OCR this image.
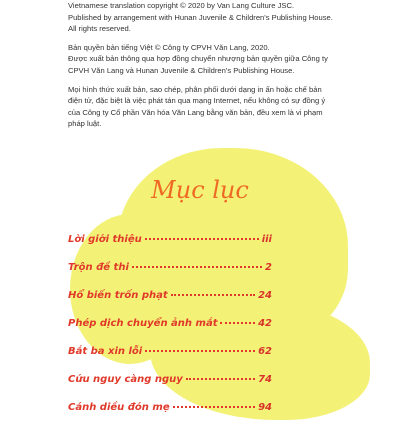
Vietnamese translation copyright © 2020 by Van Lang Culture JSC.
Published by arrangement with Hunan Juvenile & Children's Publishing House.
All rights reserved.

Bản quyền bản tiếng Việt © Công ty CPVH Văn Lang, 2020.
Được xuất bản thông qua hợp đồng chuyển nhượng bản quyền giữa Công ty
CPVH Văn Lang và Hunan Juvenile & Children's Publishing House.

Mọi hình thức xuất bản, sao chép, phân phối dưới dạng in ấn hoặc chế bản
điện tử, đặc biệt là việc phát tán qua mạng Internet, nếu không có sự đồng ý
của Công ty Cổ phần Văn hóa Văn Lang bằng văn bản, đều xem là vi phạm
pháp luật.

Mục lục
Lời giới thiệu	iii
Trộn đề thi	2
Hổ biến trốn phạt	24
Phép dịch chuyển ảnh mắt	42
Bắt ba xin lỗi	62
Cứu nguy càng nguy	74
Cánh diều đón mẹ	94
